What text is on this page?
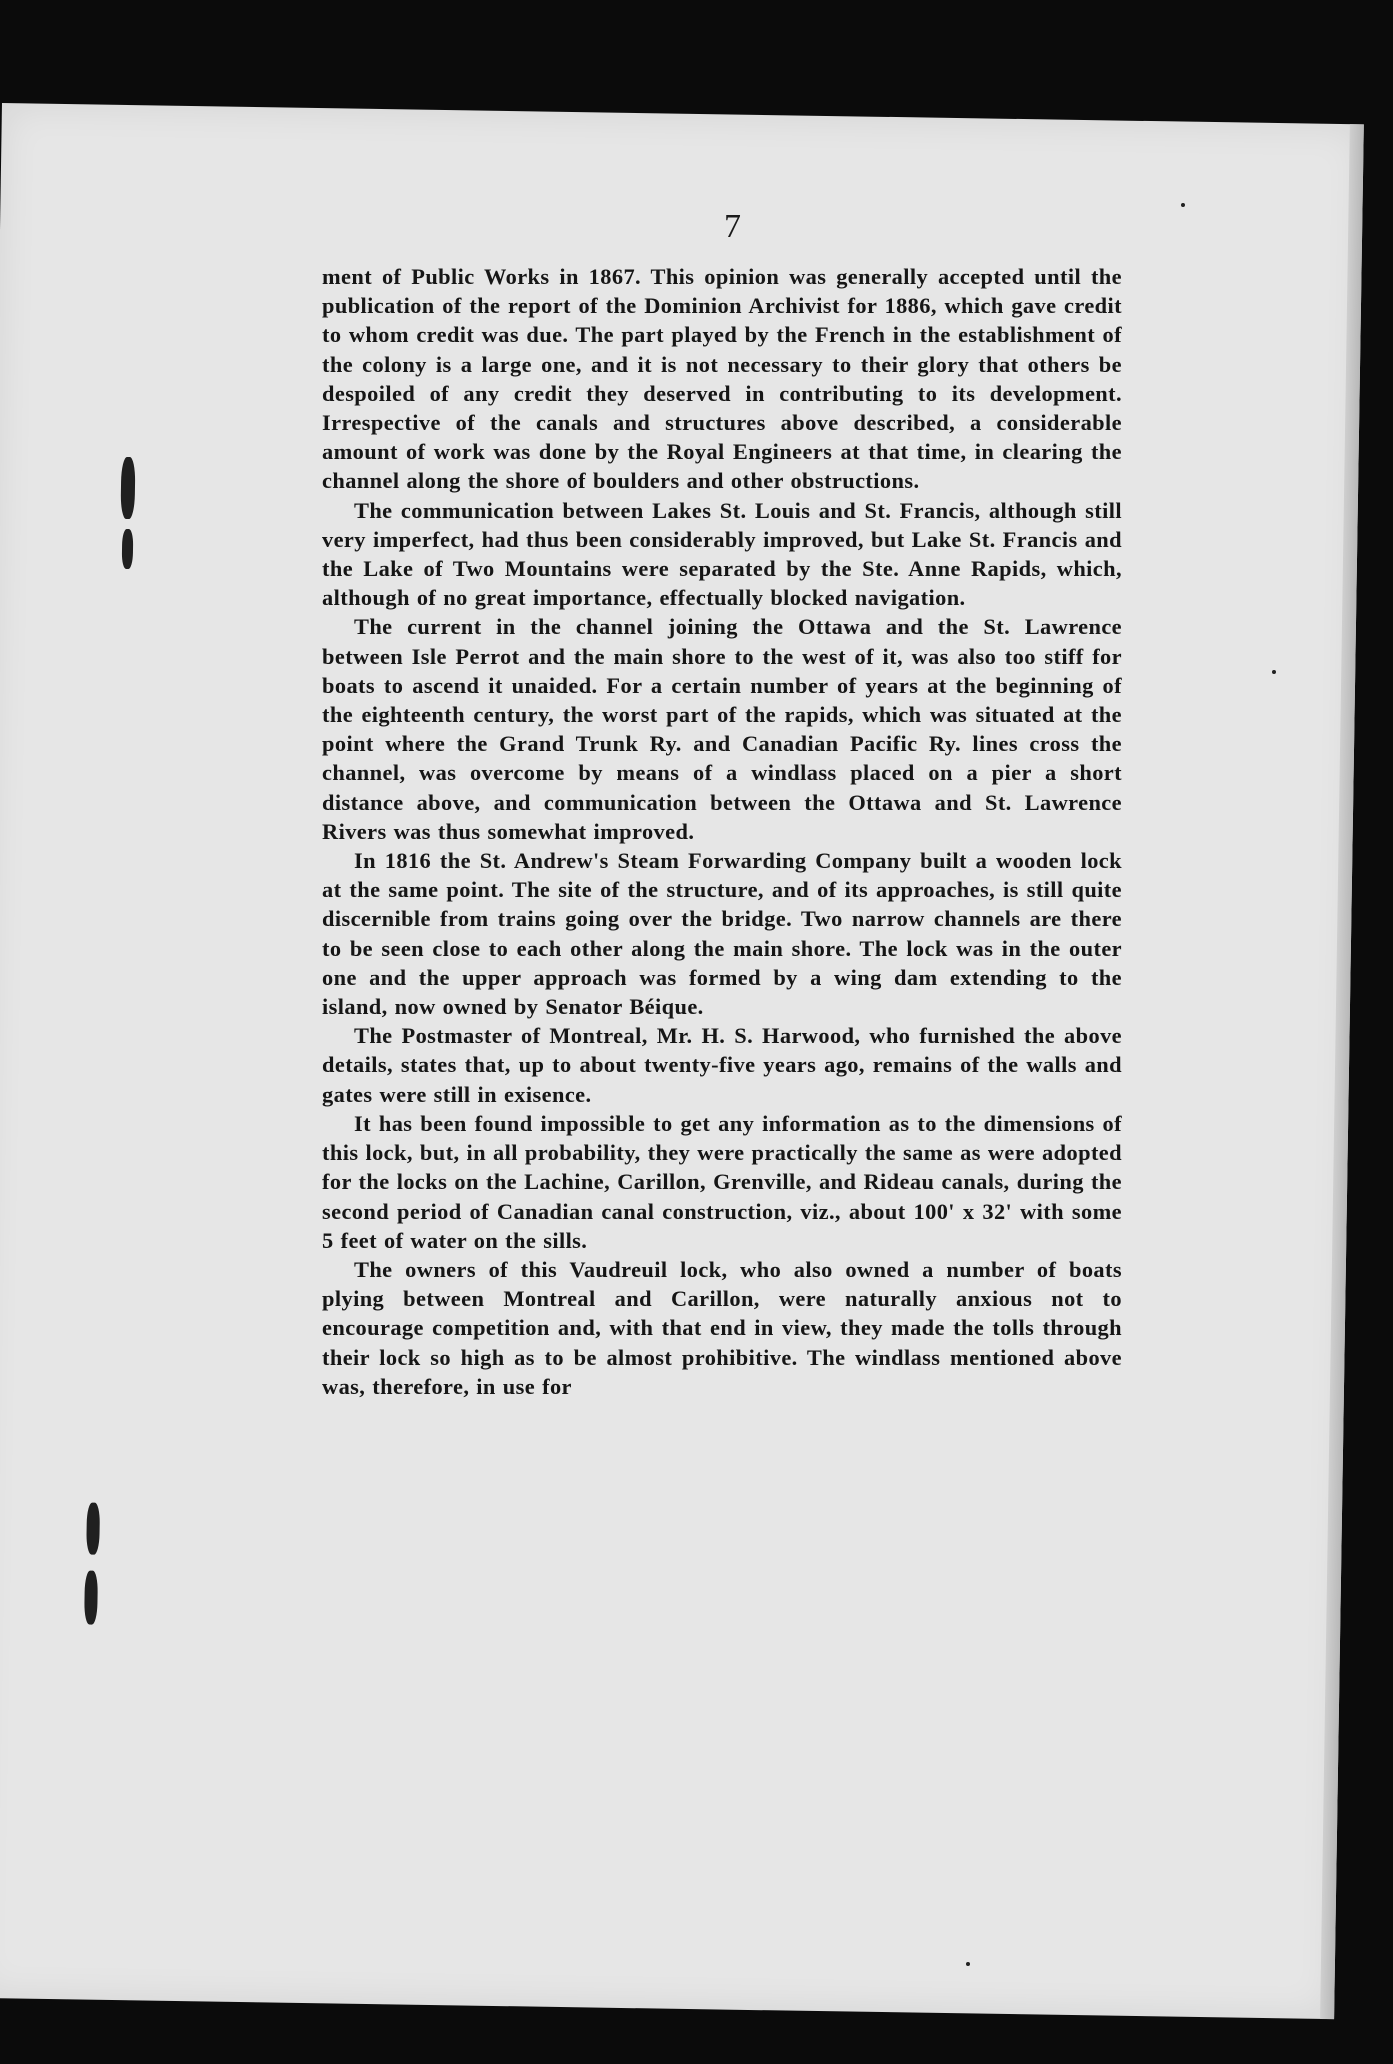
7

ment of Public Works in 1867. This opinion was generally accepted until the publication of the report of the Dominion Archivist for 1886, which gave credit to whom credit was due. The part played by the French in the establishment of the colony is a large one, and it is not necessary to their glory that others be despoiled of any credit they deserved in contributing to its development. Irrespective of the canals and structures above described, a considerable amount of work was done by the Royal Engineers at that time, in clearing the channel along the shore of boulders and other obstructions.

The communication between Lakes St. Louis and St. Francis, although still very imperfect, had thus been considerably improved, but Lake St. Francis and the Lake of Two Mountains were separated by the Ste. Anne Rapids, which, although of no great importance, effectually blocked navigation.

The current in the channel joining the Ottawa and the St. Lawrence between Isle Perrot and the main shore to the west of it, was also too stiff for boats to ascend it unaided. For a certain number of years at the beginning of the eighteenth century, the worst part of the rapids, which was situated at the point where the Grand Trunk Ry. and Canadian Pacific Ry. lines cross the channel, was overcome by means of a windlass placed on a pier a short distance above, and communication between the Ottawa and St. Lawrence Rivers was thus somewhat improved.

In 1816 the St. Andrew's Steam Forwarding Company built a wooden lock at the same point. The site of the structure, and of its approaches, is still quite discernible from trains going over the bridge. Two narrow channels are there to be seen close to each other along the main shore. The lock was in the outer one and the upper approach was formed by a wing dam extending to the island, now owned by Senator Béique.

The Postmaster of Montreal, Mr. H. S. Harwood, who furnished the above details, states that, up to about twenty-five years ago, remains of the walls and gates were still in exisence.

It has been found impossible to get any information as to the dimensions of this lock, but, in all probability, they were practically the same as were adopted for the locks on the Lachine, Carillon, Grenville, and Rideau canals, during the second period of Canadian canal construction, viz., about 100' x 32' with some 5 feet of water on the sills.

The owners of this Vaudreuil lock, who also owned a number of boats plying between Montreal and Carillon, were naturally anxious not to encourage competition and, with that end in view, they made the tolls through their lock so high as to be almost prohibitive. The windlass mentioned above was, therefore, in use for
